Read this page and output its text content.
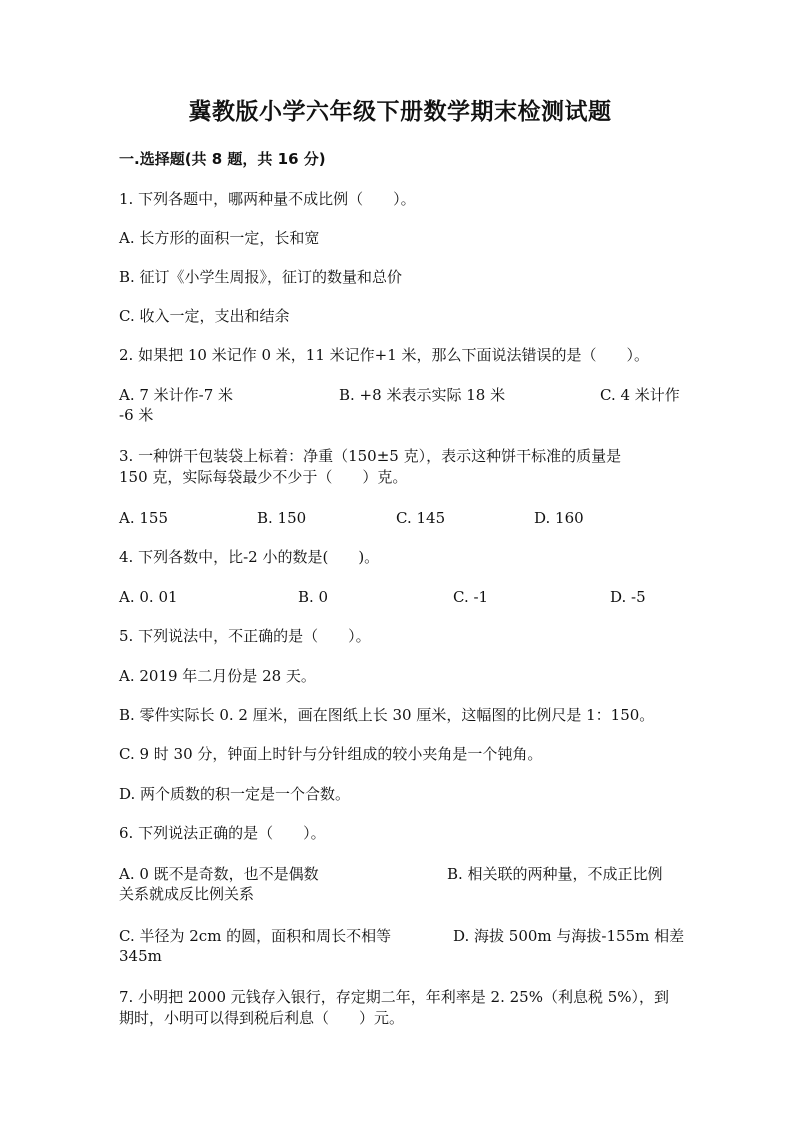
冀教版小学六年级下册数学期末检测试题
一.选择题(共 8 题，共 16 分)
1. 下列各题中，哪两种量不成比例（　　）。
A. 长方形的面积一定，长和宽
B. 征订《小学生周报》，征订的数量和总价
C. 收入一定，支出和结余
2. 如果把 10 米记作 0 米，11 米记作+1 米，那么下面说法错误的是（　　）。
A. 7 米计作-7 米	B. +8 米表示实际 18 米	C. 4 米计作
-6 米
3. 一种饼干包装袋上标着：净重（150±5 克），表示这种饼干标准的质量是
150 克，实际每袋最少不少于（　　）克。
A. 155	B. 150	C. 145	D. 160
4. 下列各数中，比-2 小的数是(　　)。
A. 0. 01	B. 0	C. -1	D. -5
5. 下列说法中，不正确的是（　　）。
A. 2019 年二月份是 28 天。
B. 零件实际长 0. 2 厘米，画在图纸上长 30 厘米，这幅图的比例尺是 1：150。
C. 9 时 30 分，钟面上时针与分针组成的较小夹角是一个钝角。
D. 两个质数的积一定是一个合数。
6. 下列说法正确的是（　　）。
A. 0 既不是奇数，也不是偶数	B. 相关联的两种量，不成正比例
关系就成反比例关系
C. 半径为 2cm 的圆，面积和周长不相等	D. 海拔 500m 与海拔-155m 相差
345m
7. 小明把 2000 元钱存入银行，存定期二年，年利率是 2. 25%（利息税 5%），到
期时，小明可以得到税后利息（　　）元。
